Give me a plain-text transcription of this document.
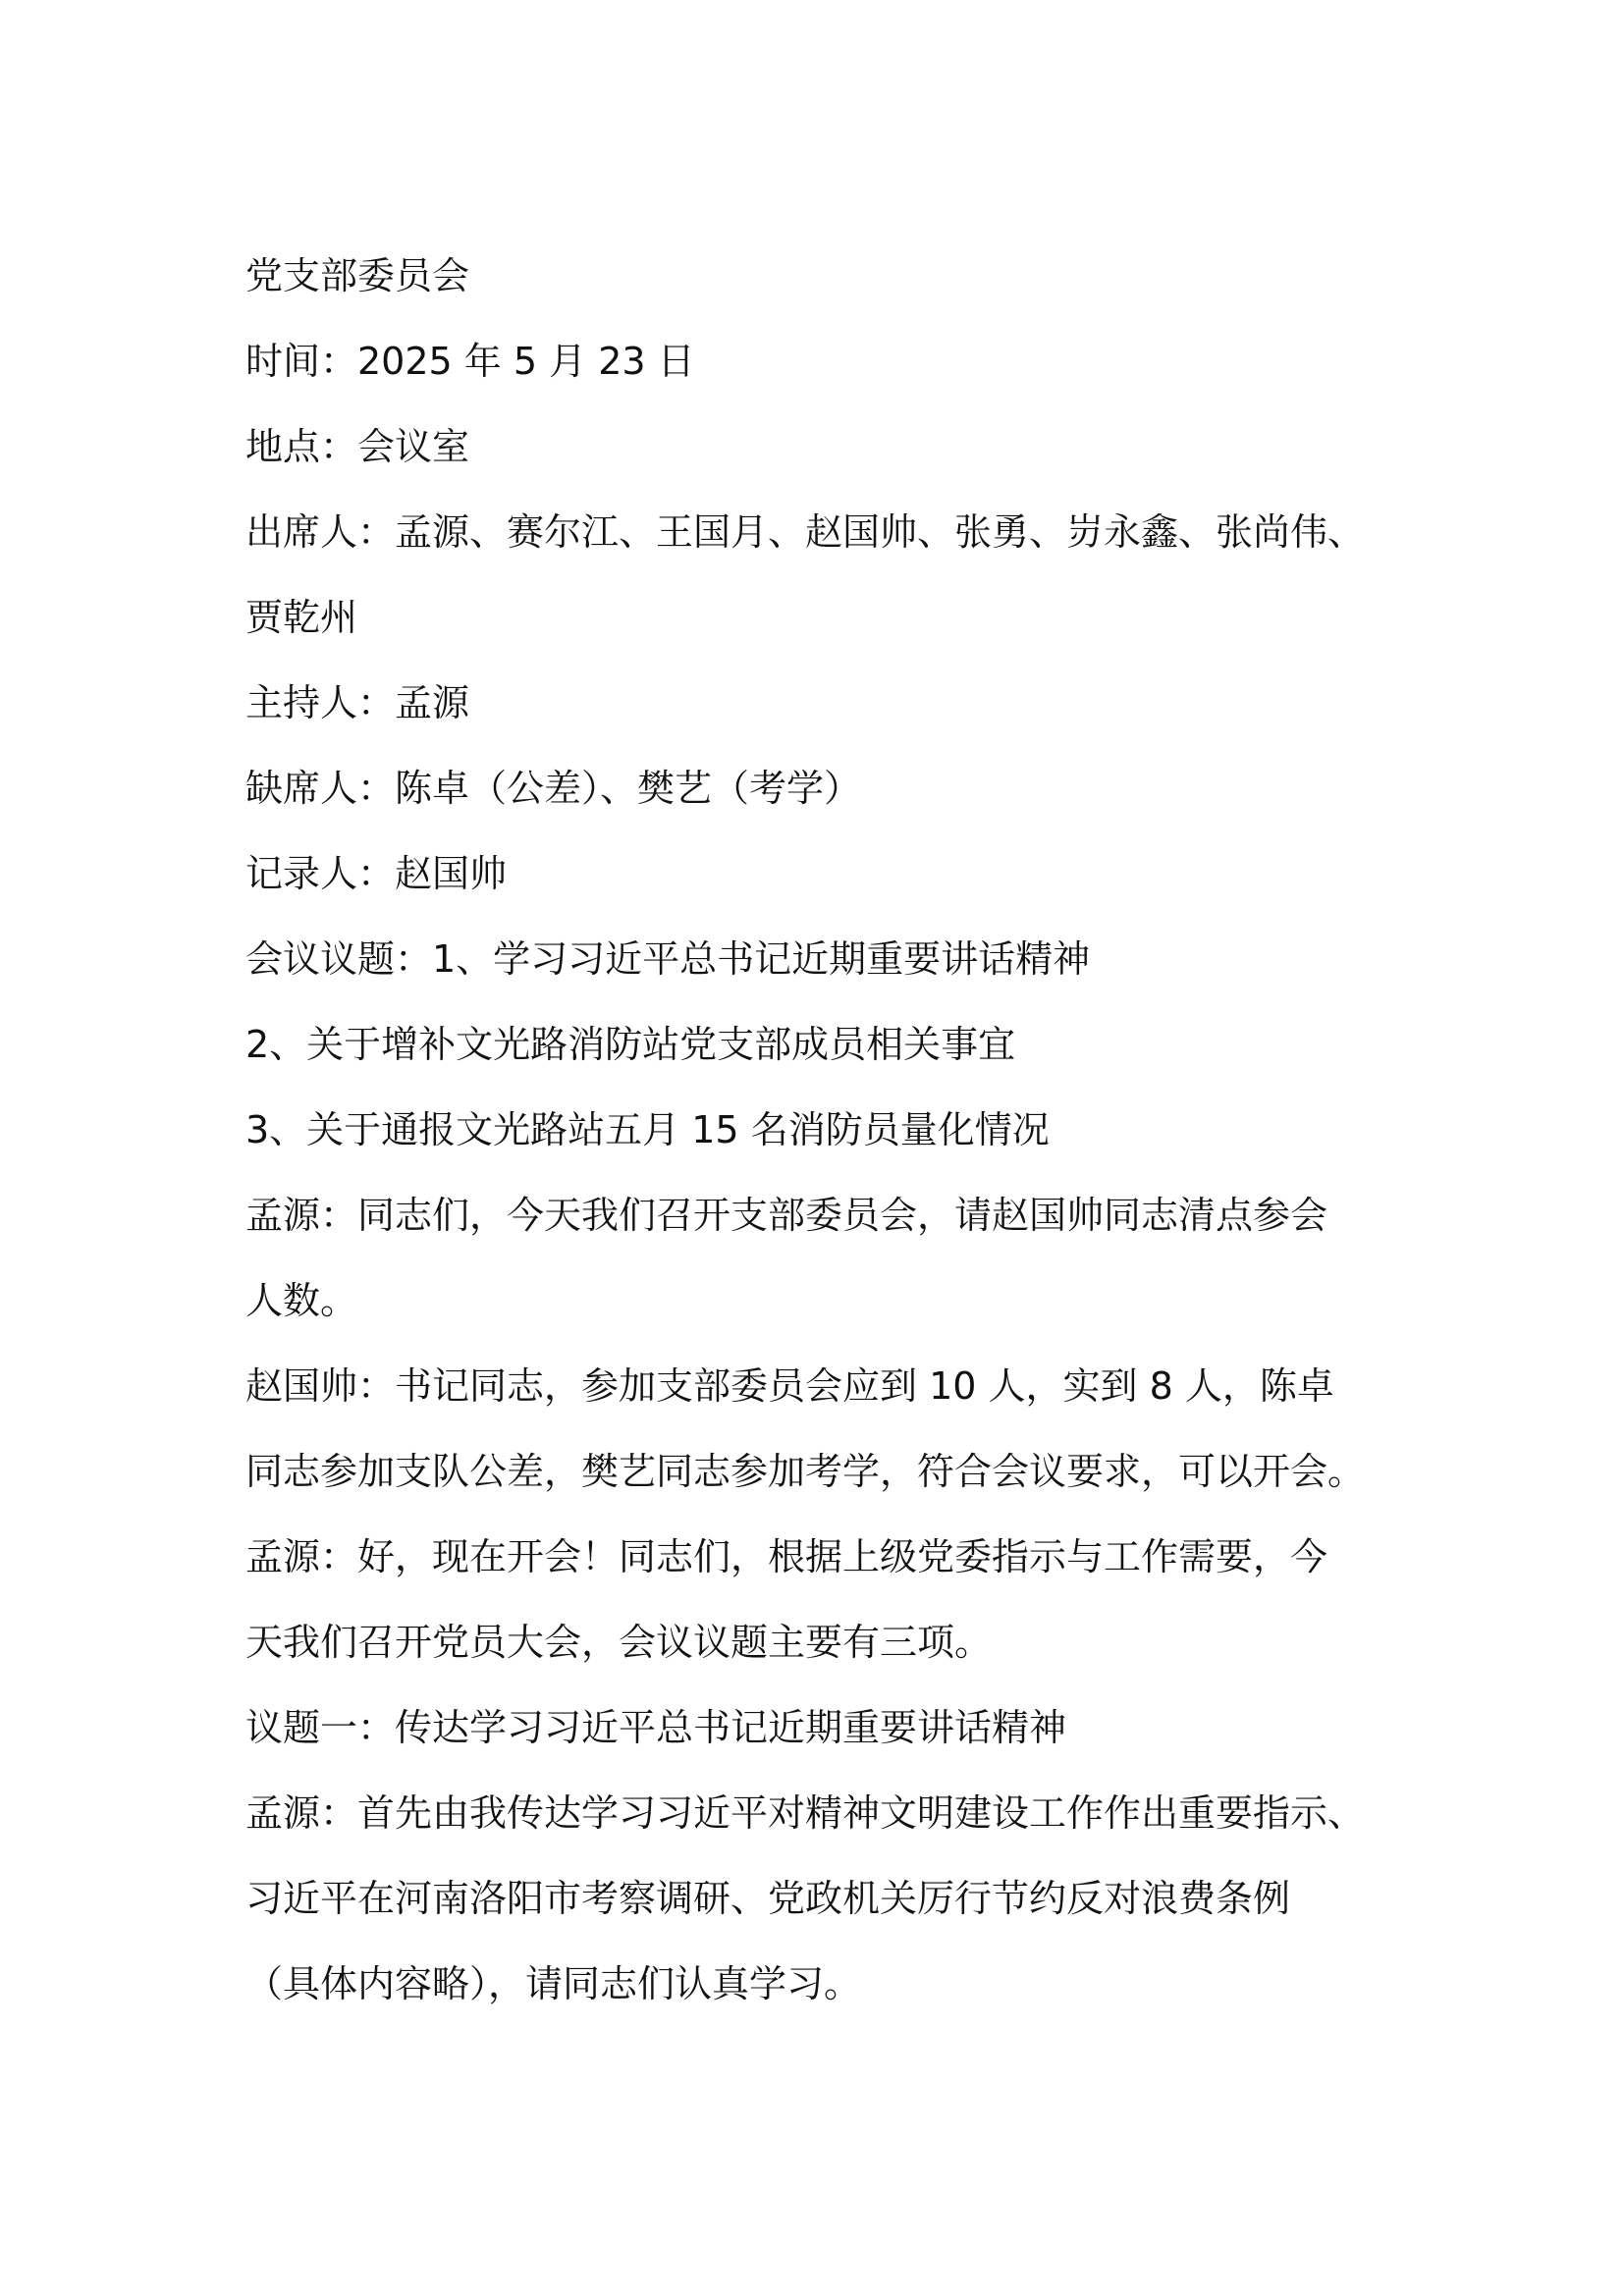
党支部委员会
时间：2025 年 5 月 23 日
地点：会议室
出席人：孟源、赛尔江、王国月、赵国帅、张勇、岃永鑫、张尚伟、
贾乾州
主持人：孟源
缺席人：陈卓（公差）、樊艺（考学）
记录人：赵国帅
会议议题：1、学习习近平总书记近期重要讲话精神
2、关于增补文光路消防站党支部成员相关事宜
3、关于通报文光路站五月 15 名消防员量化情况
孟源：同志们，今天我们召开支部委员会，请赵国帅同志清点参会
人数。
赵国帅：书记同志，参加支部委员会应到 10 人，实到 8 人，陈卓
同志参加支队公差，樊艺同志参加考学，符合会议要求，可以开会。
孟源：好，现在开会！同志们，根据上级党委指示与工作需要，今
天我们召开党员大会，会议议题主要有三项。
议题一：传达学习习近平总书记近期重要讲话精神
孟源：首先由我传达学习习近平对精神文明建设工作作出重要指示、
习近平在河南洛阳市考察调研、党政机关厉行节约反对浪费条例
（具体内容略），请同志们认真学习。
